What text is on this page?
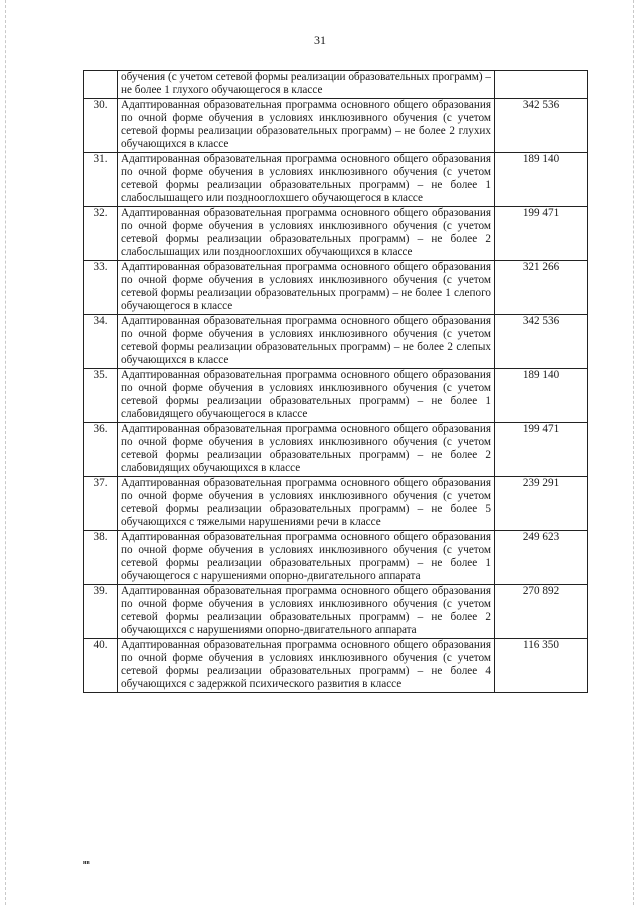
31
	обучения (с учетом сетевой формы реализации образовательных программ) – не более 1 глухого обучающегося в классе	
30.	Адаптированная образовательная программа основного общего образования по очной форме обучения в условиях инклюзивного обучения (с учетом сетевой формы реализации образовательных программ) – не более 2 глухих обучающихся в классе	342 536
31.	Адаптированная образовательная программа основного общего образования по очной форме обучения в условиях инклюзивного обучения (с учетом сетевой формы реализации образовательных программ) – не более 1 слабослышащего или позднооглохшего обучающегося в классе	189 140
32.	Адаптированная образовательная программа основного общего образования по очной форме обучения в условиях инклюзивного обучения (с учетом сетевой формы реализации образовательных программ) – не более 2 слабослышащих или позднооглохших обучающихся в классе	199 471
33.	Адаптированная образовательная программа основного общего образования по очной форме обучения в условиях инклюзивного обучения (с учетом сетевой формы реализации образовательных программ) – не более 1 слепого обучающегося в классе	321 266
34.	Адаптированная образовательная программа основного общего образования по очной форме обучения в условиях инклюзивного обучения (с учетом сетевой формы реализации образовательных программ) – не более 2 слепых обучающихся в классе	342 536
35.	Адаптированная образовательная программа основного общего образования по очной форме обучения в условиях инклюзивного обучения (с учетом сетевой формы реализации образовательных программ) – не более 1 слабовидящего обучающегося в классе	189 140
36.	Адаптированная образовательная программа основного общего образования по очной форме обучения в условиях инклюзивного обучения (с учетом сетевой формы реализации образовательных программ) – не более 2 слабовидящих обучающихся в классе	199 471
37.	Адаптированная образовательная программа основного общего образования по очной форме обучения в условиях инклюзивного обучения (с учетом сетевой формы реализации образовательных программ) – не более 5 обучающихся с тяжелыми нарушениями речи в классе	239 291
38.	Адаптированная образовательная программа основного общего образования по очной форме обучения в условиях инклюзивного обучения (с учетом сетевой формы реализации образовательных программ) – не более 1 обучающегося с нарушениями опорно-двигательного аппарата	249 623
39.	Адаптированная образовательная программа основного общего образования по очной форме обучения в условиях инклюзивного обучения (с учетом сетевой формы реализации образовательных программ) – не более 2 обучающихся с нарушениями опорно-двигательного аппарата	270 892
40.	Адаптированная образовательная программа основного общего образования по очной форме обучения в условиях инклюзивного обучения (с учетом сетевой формы реализации образовательных программ) – не более 4 обучающихся с задержкой психического развития в классе	116 350
нв
